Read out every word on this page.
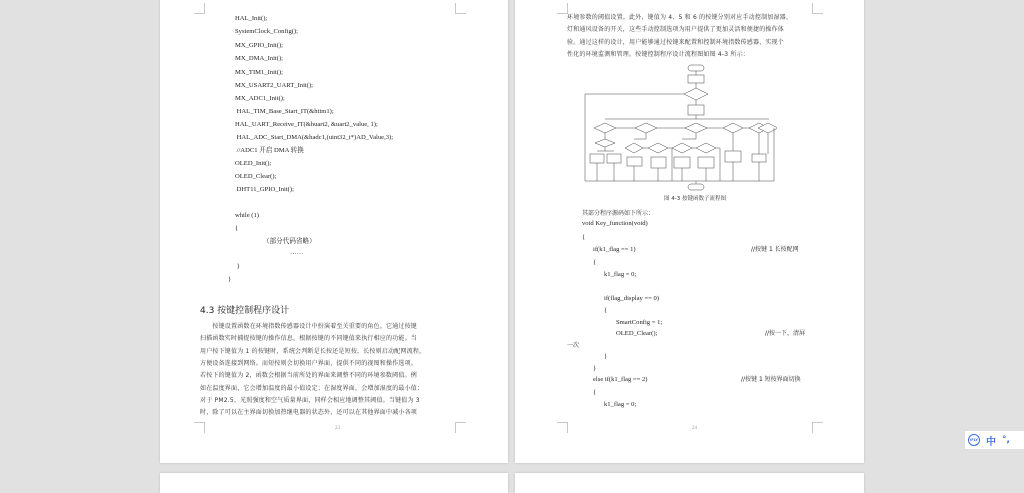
HAL_Init();
SystemClock_Config();
MX_GPIO_Init();
MX_DMA_Init();
MX_TIM1_Init();
MX_USART2_UART_Init();
MX_ADC1_Init();
HAL_TIM_Base_Start_IT(&htim1);
HAL_UART_Receive_IT(&huart2, &uart2_value, 1);
HAL_ADC_Start_DMA(&hadc1,(uint32_t*)AD_Value,3);
//ADC1 开启 DMA 转换
OLED_Init();
OLED_Clear();
DHT11_GPIO_Init();
while (1)
{
（部分代码省略）
……
}
}
4.3 按键控制程序设计
　　按键设置函数在环境指数传感器设计中扮演着至关重要的角色。它通过按键
扫描函数实时捕捉按键的操作信息，根据按键的不同键值来执行相应的功能。当
用户按下键值为 1 的按键时，系统会判断是长按还是短按，长按则启动配网流程，
方便设备连接到网络。而短按则会切换用户界面，提供不同的视图和操作选项。
若按下的键值为 2，函数会根据当前所处的界面来调整不同的环境参数阈值。例
如在温度界面，它会增加温度的最小值设定；在湿度界面，会增加湿度的最小值；
对于 PM2.5、光照强度和空气质量界面，同样会相应地调整其阈值。当键值为 3
时，除了可以在主界面切换加热继电器的状态外，还可以在其他界面中减小各项
23
环境参数的阈值设置。此外，键值为 4、5 和 6 的按键分别对应手动控制加湿器、
灯和通风设备的开关，这些手动控制选项为用户提供了更加灵活和便捷的操作体
验。通过这样的设计，用户能够通过按键来配置和控制环境指数传感器，实现个
性化的环境监测和管理。按键控制程序设计流程图如图 4-3 所示：
图 4-3 按键函数子流程图
其部分程序源码如下所示：
void Key_function(void)
{
if(k1_flag == 1)
{
k1_flag = 0;
if(flag_display == 0)
{
SmartConfig = 1;
OLED_Clear();
}
}
else if(k1_flag == 2)
{
k1_flag = 0;
//按键 1 长按配网
//按一下，清屏
一次
//按键 1 短按界面切换
24
iFLY 中 °,
